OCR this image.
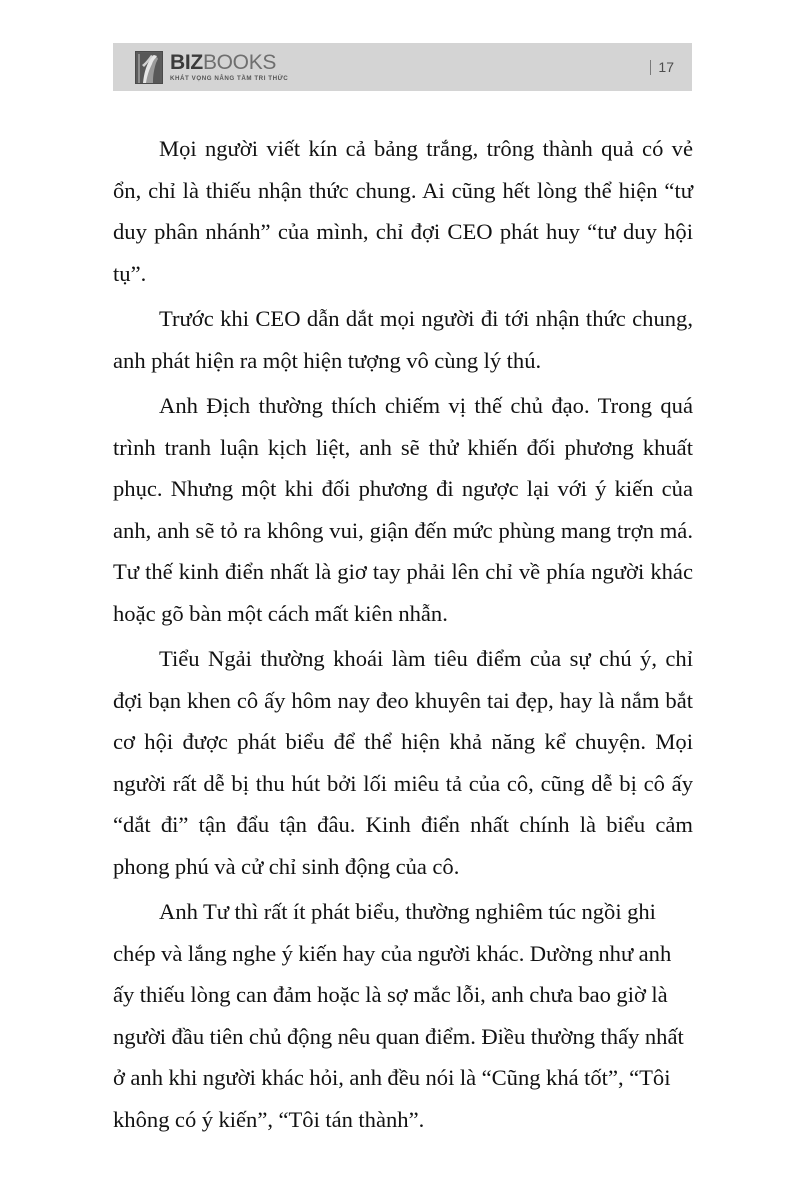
BIZBOOKS
KHÁT VỌNG NÂNG TẦM TRI THỨC
17

Mọi người viết kín cả bảng trắng, trông thành quả có vẻ ổn, chỉ là thiếu nhận thức chung. Ai cũng hết lòng thể hiện “tư duy phân nhánh” của mình, chỉ đợi CEO phát huy “tư duy hội tụ”.

Trước khi CEO dẫn dắt mọi người đi tới nhận thức chung, anh phát hiện ra một hiện tượng vô cùng lý thú.

Anh Địch thường thích chiếm vị thế chủ đạo. Trong quá trình tranh luận kịch liệt, anh sẽ thử khiến đối phương khuất phục. Nhưng một khi đối phương đi ngược lại với ý kiến của anh, anh sẽ tỏ ra không vui, giận đến mức phùng mang trợn má. Tư thế kinh điển nhất là giơ tay phải lên chỉ về phía người khác hoặc gõ bàn một cách mất kiên nhẫn.

Tiểu Ngải thường khoái làm tiêu điểm của sự chú ý, chỉ đợi bạn khen cô ấy hôm nay đeo khuyên tai đẹp, hay là nắm bắt cơ hội được phát biểu để thể hiện khả năng kể chuyện. Mọi người rất dễ bị thu hút bởi lối miêu tả của cô, cũng dễ bị cô ấy “dắt đi” tận đẩu tận đâu. Kinh điển nhất chính là biểu cảm phong phú và cử chỉ sinh động của cô.

Anh Tư thì rất ít phát biểu, thường nghiêm túc ngồi ghi chép và lắng nghe ý kiến hay của người khác. Dường như anh ấy thiếu lòng can đảm hoặc là sợ mắc lỗi, anh chưa bao giờ là người đầu tiên chủ động nêu quan điểm. Điều thường thấy nhất ở anh khi người khác hỏi, anh đều nói là “Cũng khá tốt”, “Tôi không có ý kiến”, “Tôi tán thành”.
